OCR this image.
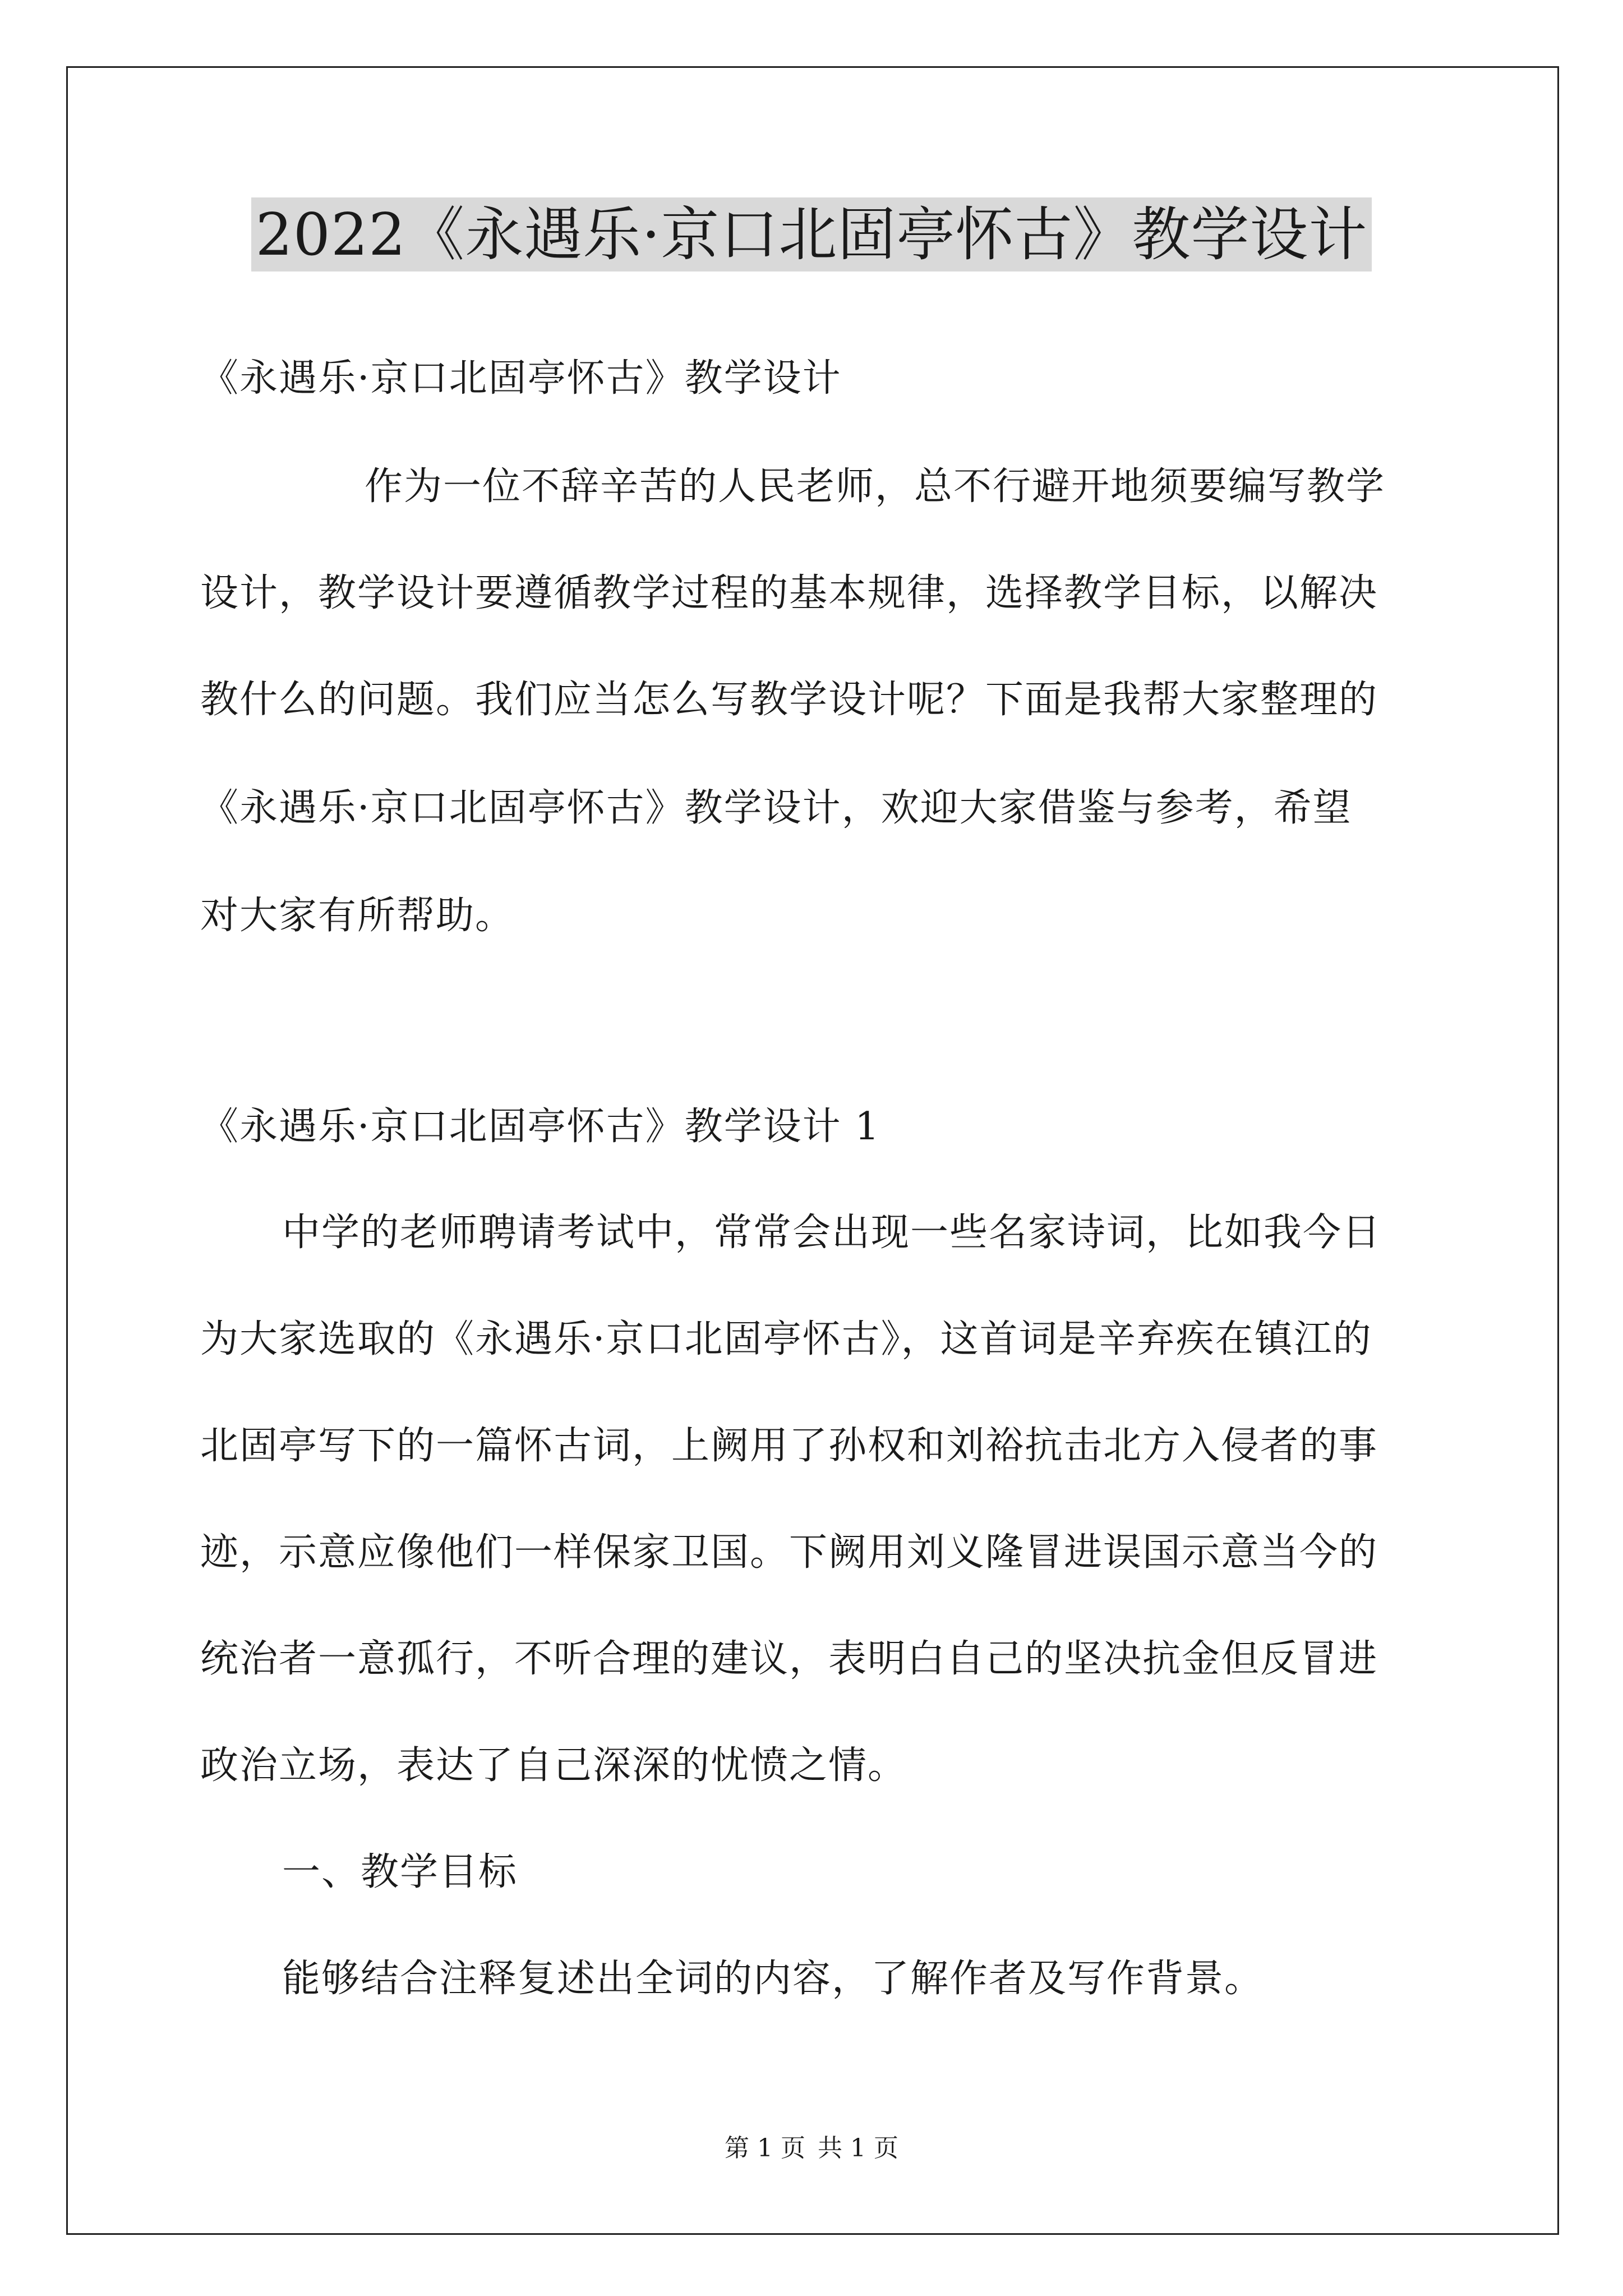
2022《永遇乐·京口北固亭怀古》教学设计
《永遇乐·京口北固亭怀古》教学设计
作为一位不辞辛苦的人民老师，总不行避开地须要编写教学
设计，教学设计要遵循教学过程的基本规律，选择教学目标，以解决
教什么的问题。我们应当怎么写教学设计呢？下面是我帮大家整理的
《永遇乐·京口北固亭怀古》教学设计，欢迎大家借鉴与参考，希望
对大家有所帮助。
《永遇乐·京口北固亭怀古》教学设计 1
中学的老师聘请考试中，常常会出现一些名家诗词，比如我今日
为大家选取的《永遇乐·京口北固亭怀古》，这首词是辛弃疾在镇江的
北固亭写下的一篇怀古词，上阙用了孙权和刘裕抗击北方入侵者的事
迹，示意应像他们一样保家卫国。下阙用刘义隆冒进误国示意当今的
统治者一意孤行，不听合理的建议，表明白自己的坚决抗金但反冒进
政治立场，表达了自己深深的忧愤之情。
一、教学目标
能够结合注释复述出全词的内容，了解作者及写作背景。
第 1 页 共 1 页
